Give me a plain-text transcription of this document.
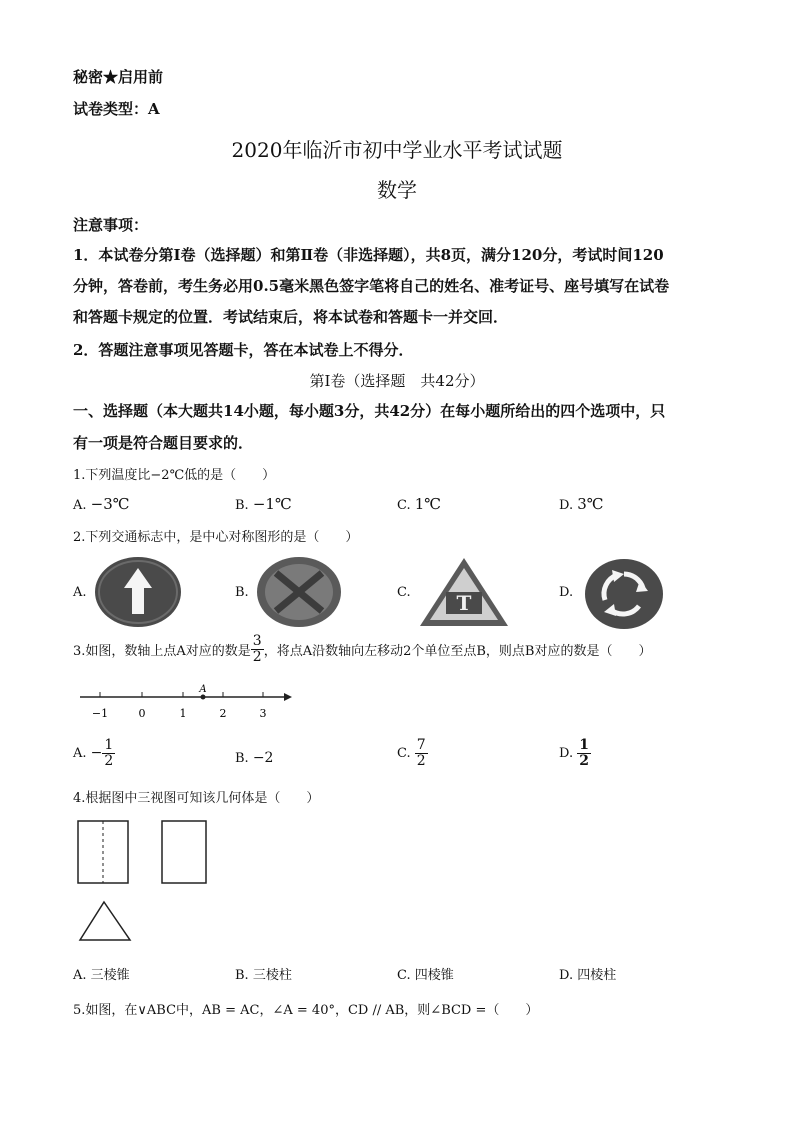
秘密★启用前
试卷类型：A
2020年临沂市初中学业水平考试试题
数学
注意事项：
1．本试卷分第Ⅰ卷（选择题）和第Ⅱ卷（非选择题），共8页，满分120分，考试时间120
分钟，答卷前，考生务必用0.5毫米黑色签字笔将自己的姓名、准考证号、座号填写在试卷
和答题卡规定的位置．考试结束后，将本试卷和答题卡一并交回．
2．答题注意事项见答题卡，答在本试卷上不得分．
第Ⅰ卷（选择题　共42分）
一、选择题（本大题共14小题，每小题3分，共42分）在每小题所给出的四个选项中，只
有一项是符合题目要求的．
1.下列温度比−2℃低的是（　　）
A. −3℃	B. −1℃	C. 1℃	D. 3℃
2.下列交通标志中，是中心对称图形的是（　　）
A.	B.	C. T	D.
3.如图，数轴上点A对应的数是 $\frac{3}{2}$ ，将点A沿数轴向左移动2个单位至点B，则点B对应的数是（　　）
A
−1	0	1	2	3
A.
− $\frac{1}{2}$	B. −2	C.
$\frac{7}{2}$	D.
$\frac{1}{2}$
4.根据图中三视图可知该几何体是（　　）
A. 三棱锥	B. 三棱柱	C. 四棱锥	D. 四棱柱
5.如图，在∨ABC中，AB = AC，∠A = 40°，CD // AB，则∠BCD =（　　）
